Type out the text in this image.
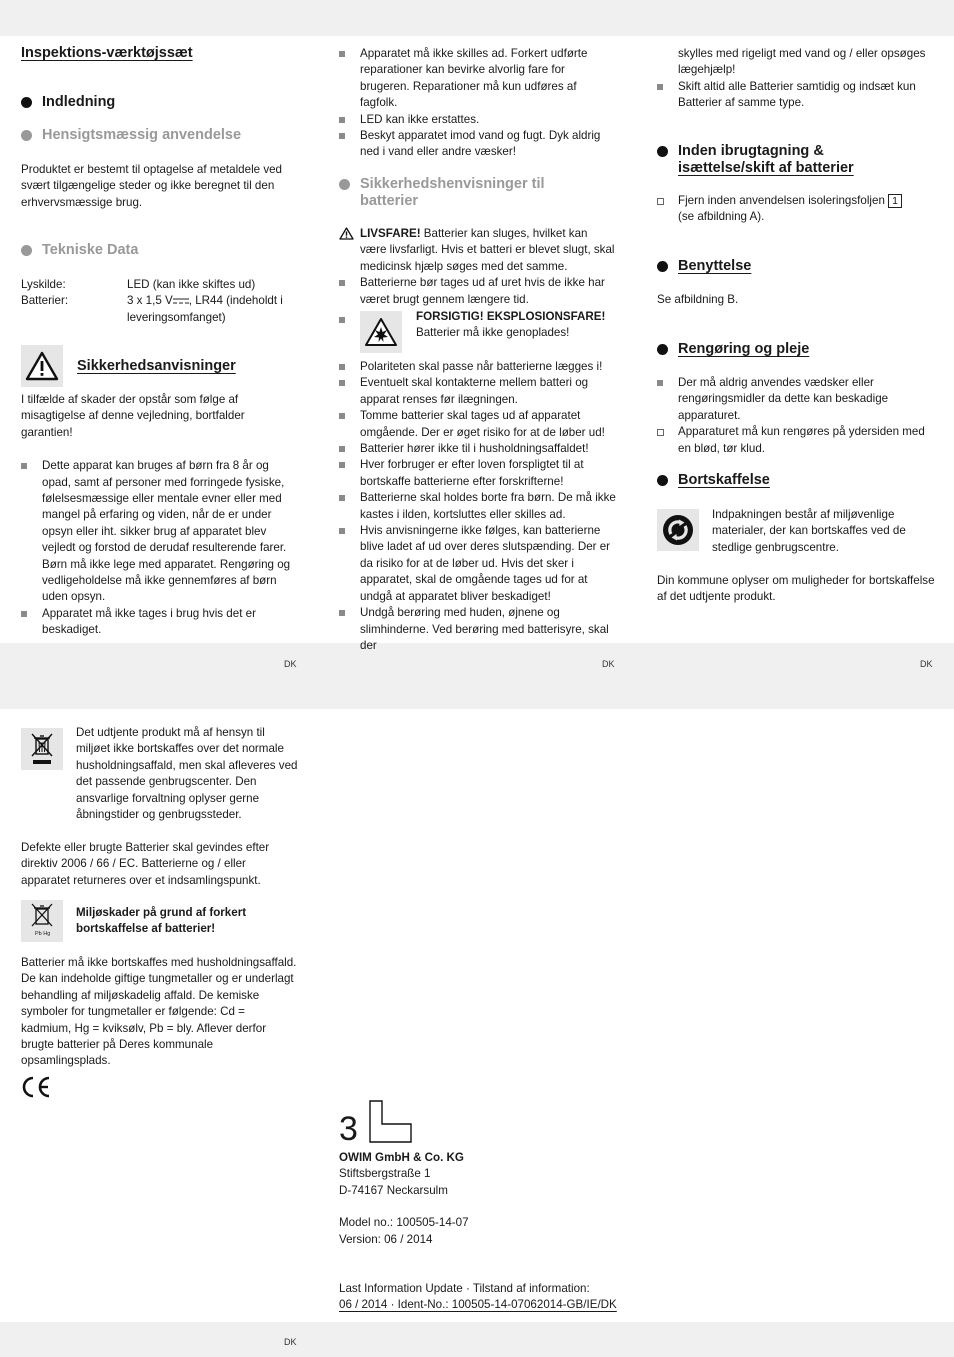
DK	DK	DK
DK
Inspektions-værktøjssæt
Indledning
Hensigtsmæssig anvendelse

Produktet er bestemt til optagelse af metaldele ved svært tilgængelige steder og ikke beregnet til den erhvervsmæssige brug.

Tekniske Data
Lyskilde:	LED (kan ikke skiftes ud)
Batterier:	3 x 1,5 V , LR44 (indeholdt i leveringsomfanget)
Sikkerhedsanvisninger

I tilfælde af skader der opstår som følge af misagtigelse af denne vejledning, bortfalder garantien!

Dette apparat kan bruges af børn fra 8 år og opad, samt af personer med forringede fysiske, følelsesmæssige eller mentale evner eller med mangel på erfaring og viden, når de er under opsyn eller iht. sikker brug af apparatet blev vejledt og forstod de derudaf resulterende farer. Børn må ikke lege med apparatet. Rengøring og vedligeholdelse må ikke gennemføres af børn uden opsyn.
Apparatet må ikke tages i brug hvis det er beskadiget.
Apparatet må ikke skilles ad. Forkert udførte reparationer kan bevirke alvorlig fare for brugeren. Reparationer må kun udføres af fagfolk.
LED kan ikke erstattes.
Beskyt apparatet imod vand og fugt. Dyk aldrig ned i vand eller andre væsker!
Sikkerhedshenvisninger til batterier
LIVSFARE! Batterier kan sluges, hvilket kan være livsfarligt. Hvis et batteri er blevet slugt, skal medicinsk hjælp søges med det samme.
Batterierne bør tages ud af uret hvis de ikke har været brugt gennem længere tid.
FORSIGTIG! EKSPLOSIONSFARE!
Batterier må ikke genoplades!
Polariteten skal passe når batterierne lægges i!
Eventuelt skal kontakterne mellem batteri og apparat renses før ilægningen.
Tomme batterier skal tages ud af apparatet omgående. Der er øget risiko for at de løber ud!
Batterier hører ikke til i husholdningsaffaldet!
Hver forbruger er efter loven forspligtet til at bortskaffe batterierne efter forskrifterne!
Batterierne skal holdes borte fra børn. De må ikke kastes i ilden, kortsluttes eller skilles ad.
Hvis anvisningerne ikke følges, kan batterierne blive ladet af ud over deres slutspænding. Der er da risiko for at de løber ud. Hvis det sker i apparatet, skal de omgående tages ud for at undgå at apparatet bliver beskadiget!
Undgå berøring med huden, øjnene og slimhinderne. Ved berøring med batterisyre, skal der

skylles med rigeligt med vand og / eller opsøges lægehjælp!

Skift altid alle Batterier samtidig og indsæt kun Batterier af samme type.
Inden ibrugtagning &
isættelse/skift af batterier
Fjern inden anvendelsen isoleringsfoljen 1
(se afbildning A).
Benyttelse

Se afbildning B.

Rengøring og pleje
Der må aldrig anvendes vædsker eller rengøringsmidler da dette kan beskadige apparaturet.
Apparaturet må kun rengøres på ydersiden med en blød, tør klud.
Bortskaffelse

Indpakningen består af miljøvenlige materialer, der kan bortskaffes ved de stedlige genbrugscentre.

Din kommune oplyser om muligheder for bortskaffelse af det udtjente produkt.

Det udtjente produkt må af hensyn til miljøet ikke bortskaffes over det normale husholdningsaffald, men skal afleveres ved det passende genbrugscenter. Den ansvarlige forvaltning oplyser gerne åbningstider og genbrugssteder.

Defekte eller brugte Batterier skal gevindes efter direktiv 2006 / 66 / EC. Batterierne og / eller apparatet returneres over et indsamlingspunkt.

Pb Hg
Miljøskader på grund af forkert bortskaffelse af batterier!

Batterier må ikke bortskaffes med husholdningsaffald. De kan indeholde giftige tungmetaller og er underlagt behandling af miljøskadelig affald. De kemiske symboler for tungmetaller er følgende: Cd = kadmium, Hg = kviksølv, Pb = bly. Aflever derfor brugte batterier på Deres kommunale opsamlingsplads.

3
OWIM GmbH & Co. KG

Stiftsbergstraße 1

D-74167 Neckarsulm

Model no.: 100505-14-07

Version: 06 / 2014

Last Information Update · Tilstand af information:

06 / 2014 · Ident-No.: 100505-14-07062014-GB/IE/DK
